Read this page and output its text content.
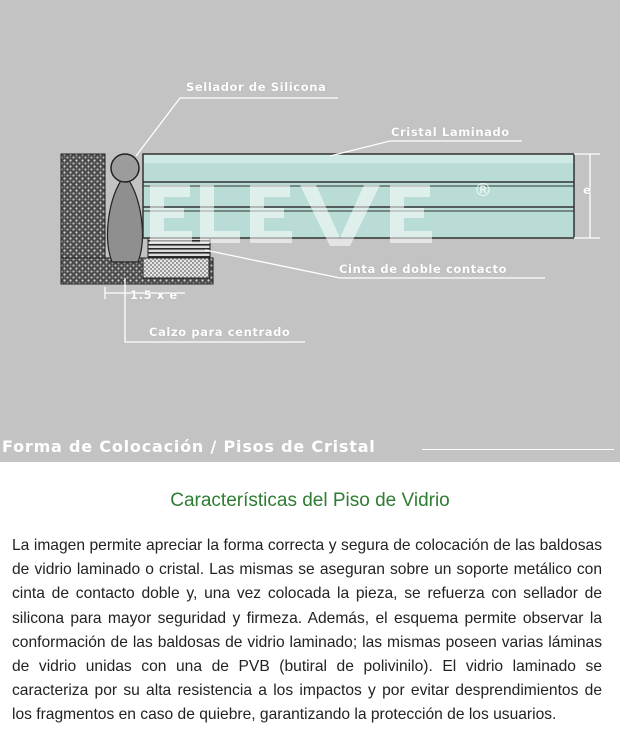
®
Sellador de Silicona
Cristal Laminado
Cinta de doble contacto
1.5 x e
e
Calzo para centrado
Forma de Colocación / Pisos de Cristal
Características del Piso de Vidrio

La imagen permite apreciar la forma correcta y segura de colocación de las baldosas de vidrio laminado o cristal. Las mismas se aseguran sobre un soporte metálico con cinta de contacto doble y, una vez colocada la pieza, se refuerza con sellador de silicona para mayor seguridad y firmeza. Además, el esquema permite observar la conformación de las baldosas de vidrio laminado; las mismas poseen varias láminas de vidrio unidas con una de PVB (butiral de polivinilo). El vidrio laminado se caracteriza por su alta resistencia a los impactos y por evitar desprendimientos de los fragmentos en caso de quiebre, garantizando la protección de los usuarios.
